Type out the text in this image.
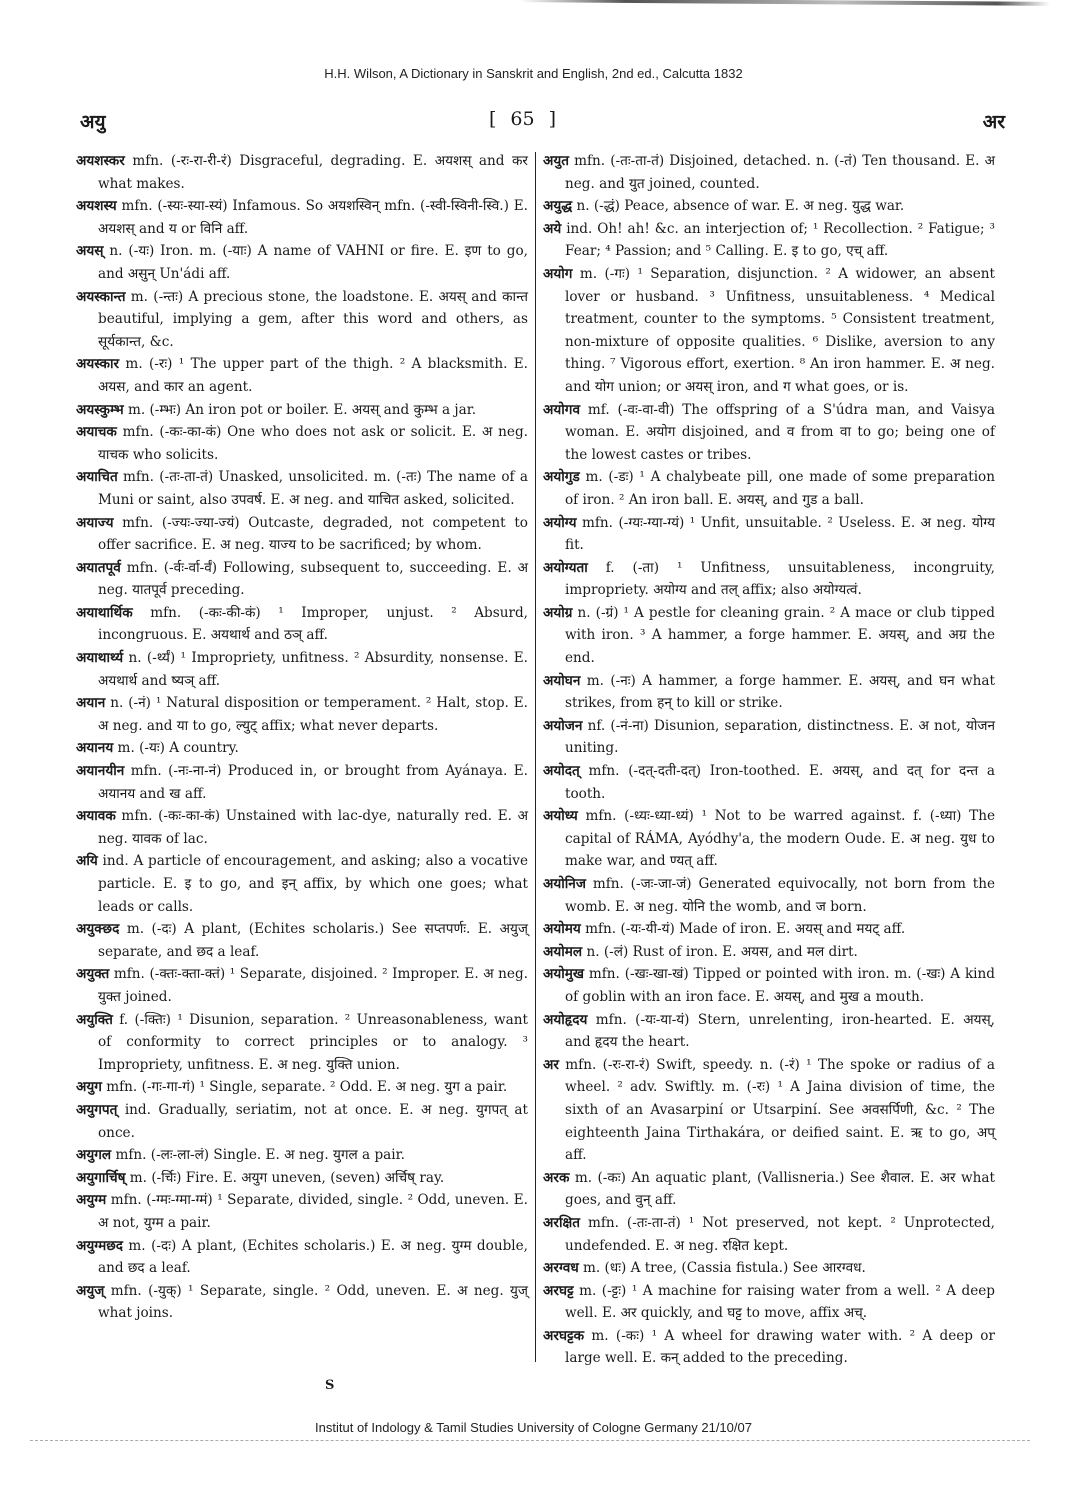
H.H. Wilson, A Dictionary in Sanskrit and English, 2nd ed., Calcutta 1832
अयु	[ 65 ]	अर

अयशस्कर mfn. (-रः-रा-री-रं) Disgraceful, degrading. E. अयशस् and कर what makes.

अयशस्य mfn. (-स्यः-स्या-स्यं) Infamous. So अयशस्विन् mfn. (-स्वी-स्विनी-स्वि.) E. अयशस् and य or विनि aff.

अयस् n. (-यः) Iron. m. (-याः) A name of VAHNI or fire. E. इण to go, and असुन् Un'ádi aff.

अयस्कान्त m. (-न्तः) A precious stone, the loadstone. E. अयस् and कान्त beautiful, implying a gem, after this word and others, as सूर्यकान्त, &c.

अयस्कार m. (-रः) ¹ The upper part of the thigh. ² A blacksmith. E. अयस, and कार an agent.

अयस्कुम्भ m. (-म्भः) An iron pot or boiler. E. अयस् and कुम्भ a jar.

अयाचक mfn. (-कः-का-कं) One who does not ask or solicit. E. अ neg. याचक who solicits.

अयाचित mfn. (-तः-ता-तं) Unasked, unsolicited. m. (-तः) The name of a Muni or saint, also उपवर्ष. E. अ neg. and याचित asked, solicited.

अयाज्य mfn. (-ज्यः-ज्या-ज्यं) Outcaste, degraded, not competent to offer sacrifice. E. अ neg. याज्य to be sacrificed; by whom.

अयातपूर्व mfn. (-र्वः-र्वा-र्वं) Following, subsequent to, succeeding. E. अ neg. यातपूर्व preceding.

अयाथार्थिक mfn. (-कः-की-कं) ¹ Improper, unjust. ² Absurd, incongruous. E. अयथार्थ and ठञ् aff.

अयाथार्थ्य n. (-र्थ्यं) ¹ Impropriety, unfitness. ² Absurdity, nonsense. E. अयथार्थ and ष्यञ् aff.

अयान n. (-नं) ¹ Natural disposition or temperament. ² Halt, stop. E. अ neg. and या to go, ल्युट् affix; what never departs.

अयानय m. (-यः) A country.

अयानयीन mfn. (-नः-ना-नं) Produced in, or brought from Ayánaya. E. अयानय and ख aff.

अयावक mfn. (-कः-का-कं) Unstained with lac-dye, naturally red. E. अ neg. यावक of lac.

अयि ind. A particle of encouragement, and asking; also a vocative particle. E. इ to go, and इन् affix, by which one goes; what leads or calls.

अयुक्छद m. (-दः) A plant, (Echites scholaris.) See सप्तपर्णः. E. अयुज् separate, and छद a leaf.

अयुक्त mfn. (-क्तः-क्ता-क्तं) ¹ Separate, disjoined. ² Improper. E. अ neg. युक्त joined.

अयुक्ति f. (-क्तिः) ¹ Disunion, separation. ² Unreasonableness, want of conformity to correct principles or to analogy. ³ Impropriety, unfitness. E. अ neg. युक्ति union.

अयुग mfn. (-गः-गा-गं) ¹ Single, separate. ² Odd. E. अ neg. युग a pair.

अयुगपत् ind. Gradually, seriatim, not at once. E. अ neg. युगपत् at once.

अयुगल mfn. (-लः-ला-लं) Single. E. अ neg. युगल a pair.

अयुगार्चिष् m. (-र्चिः) Fire. E. अयुग uneven, (seven) अर्चिष् ray.

अयुग्म mfn. (-ग्मः-ग्मा-ग्मं) ¹ Separate, divided, single. ² Odd, uneven. E. अ not, युग्म a pair.

अयुग्मछद m. (-दः) A plant, (Echites scholaris.) E. अ neg. युग्म double, and छद a leaf.

अयुज् mfn. (-युक्) ¹ Separate, single. ² Odd, uneven. E. अ neg. युज् what joins.

अयुत mfn. (-तः-ता-तं) Disjoined, detached. n. (-तं) Ten thousand. E. अ neg. and युत joined, counted.

अयुद्ध n. (-द्धं) Peace, absence of war. E. अ neg. युद्ध war.

अये ind. Oh! ah! &c. an interjection of; ¹ Recollection. ² Fatigue; ³ Fear; ⁴ Passion; and ⁵ Calling. E. इ to go, एच् aff.

अयोग m. (-गः) ¹ Separation, disjunction. ² A widower, an absent lover or husband. ³ Unfitness, unsuitableness. ⁴ Medical treatment, counter to the symptoms. ⁵ Consistent treatment, non-mixture of opposite qualities. ⁶ Dislike, aversion to any thing. ⁷ Vigorous effort, exertion. ⁸ An iron hammer. E. अ neg. and योग union; or अयस् iron, and ग what goes, or is.

अयोगव mf. (-वः-वा-वी) The offspring of a S'údra man, and Vaisya woman. E. अयोग disjoined, and व from वा to go; being one of the lowest castes or tribes.

अयोगुड m. (-डः) ¹ A chalybeate pill, one made of some preparation of iron. ² An iron ball. E. अयस्, and गुड a ball.

अयोग्य mfn. (-ग्यः-ग्या-ग्यं) ¹ Unfit, unsuitable. ² Useless. E. अ neg. योग्य fit.

अयोग्यता f. (-ता) ¹ Unfitness, unsuitableness, incongruity, impropriety. अयोग्य and तल् affix; also अयोग्यत्वं.

अयोग्र n. (-ग्रं) ¹ A pestle for cleaning grain. ² A mace or club tipped with iron. ³ A hammer, a forge hammer. E. अयस्, and अग्र the end.

अयोघन m. (-नः) A hammer, a forge hammer. E. अयस्, and घन what strikes, from हन् to kill or strike.

अयोजन nf. (-नं-ना) Disunion, separation, distinctness. E. अ not, योजन uniting.

अयोदत् mfn. (-दत्-दती-दत्) Iron-toothed. E. अयस्, and दत् for दन्त a tooth.

अयोध्य mfn. (-ध्यः-ध्या-ध्यं) ¹ Not to be warred against. f. (-ध्या) The capital of RÁMA, Ayódhy'a, the modern Oude. E. अ neg. युध to make war, and ण्यत् aff.

अयोनिज mfn. (-जः-जा-जं) Generated equivocally, not born from the womb. E. अ neg. योनि the womb, and ज born.

अयोमय mfn. (-यः-यी-यं) Made of iron. E. अयस् and मयट् aff.

अयोमल n. (-लं) Rust of iron. E. अयस, and मल dirt.

अयोमुख mfn. (-खः-खा-खं) Tipped or pointed with iron. m. (-खः) A kind of goblin with an iron face. E. अयस्, and मुख a mouth.

अयोहृदय mfn. (-यः-या-यं) Stern, unrelenting, iron-hearted. E. अयस्, and हृदय the heart.

अर mfn. (-रः-रा-रं) Swift, speedy. n. (-रं) ¹ The spoke or radius of a wheel. ² adv. Swiftly. m. (-रः) ¹ A Jaina division of time, the sixth of an Avasarpiní or Utsarpiní. See अवसर्पिणी, &c. ² The eighteenth Jaina Tirthakára, or deified saint. E. ऋ to go, अप् aff.

अरक m. (-कः) An aquatic plant, (Vallisneria.) See शैवाल. E. अर what goes, and वुन् aff.

अरक्षित mfn. (-तः-ता-तं) ¹ Not preserved, not kept. ² Unprotected, undefended. E. अ neg. रक्षित kept.

अरग्वध m. (धः) A tree, (Cassia fistula.) See आरग्वध.

अरघट्ट m. (-ट्टः) ¹ A machine for raising water from a well. ² A deep well. E. अर quickly, and घट्ट to move, affix अच्.

अरघट्टक m. (-कः) ¹ A wheel for drawing water with. ² A deep or large well. E. कन् added to the preceding.

S
Institut of Indology & Tamil Studies University of Cologne Germany 21/10/07
